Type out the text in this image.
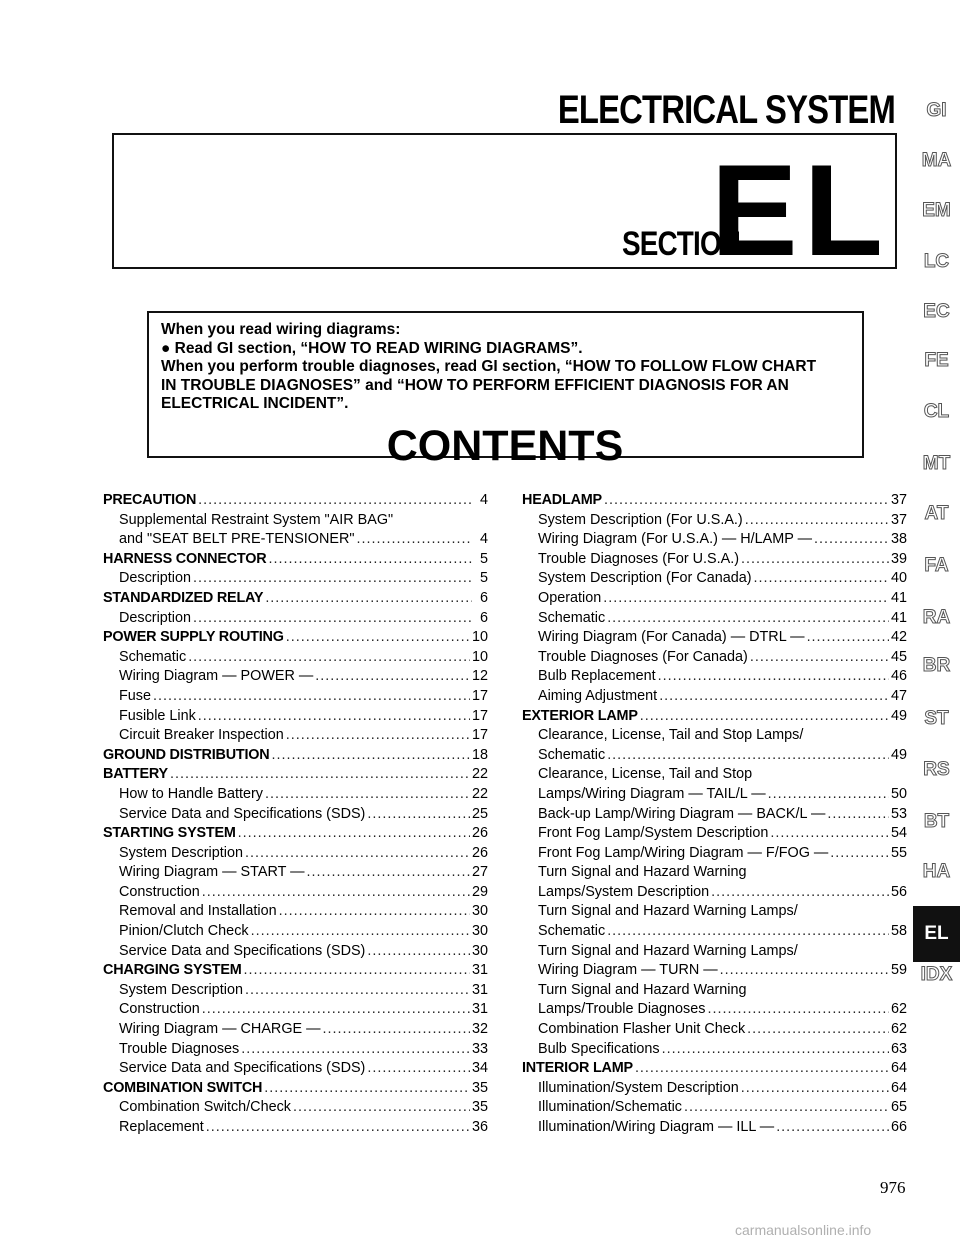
ELECTRICAL SYSTEM
SECTION
EL
When you read wiring diagrams:
● Read GI section, “HOW TO READ WIRING DIAGRAMS”.
When you perform trouble diagnoses, read GI section, “HOW TO FOLLOW FLOW CHART
IN TROUBLE DIAGNOSES” and “HOW TO PERFORM EFFICIENT DIAGNOSIS FOR AN
ELECTRICAL INCIDENT”.
CONTENTS
PRECAUTION .....	4
Supplemental Restraint System "AIR BAG"
and "SEAT BELT PRE-TENSIONER" .....	4
HARNESS CONNECTOR .....	5
Description .....	5
STANDARDIZED RELAY .....	6
Description .....	6
POWER SUPPLY ROUTING .....	10
Schematic .....	10
Wiring Diagram — POWER — .....	12
Fuse .....	17
Fusible Link .....	17
Circuit Breaker Inspection .....	17
GROUND DISTRIBUTION .....	18
BATTERY .....	22
How to Handle Battery .....	22
Service Data and Specifications (SDS) .....	25
STARTING SYSTEM .....	26
System Description .....	26
Wiring Diagram — START — .....	27
Construction .....	29
Removal and Installation .....	30
Pinion/Clutch Check .....	30
Service Data and Specifications (SDS) .....	30
CHARGING SYSTEM .....	31
System Description .....	31
Construction .....	31
Wiring Diagram — CHARGE — .....	32
Trouble Diagnoses .....	33
Service Data and Specifications (SDS) .....	34
COMBINATION SWITCH .....	35
Combination Switch/Check .....	35
Replacement .....	36
HEADLAMP .....	37
System Description (For U.S.A.) .....	37
Wiring Diagram (For U.S.A.) — H/LAMP — .....	38
Trouble Diagnoses (For U.S.A.) .....	39
System Description (For Canada) .....	40
Operation .....	41
Schematic .....	41
Wiring Diagram (For Canada) — DTRL — .....	42
Trouble Diagnoses (For Canada) .....	45
Bulb Replacement .....	46
Aiming Adjustment .....	47
EXTERIOR LAMP .....	49
Clearance, License, Tail and Stop Lamps/
Schematic .....	49
Clearance, License, Tail and Stop
Lamps/Wiring Diagram — TAIL/L — .....	50
Back-up Lamp/Wiring Diagram — BACK/L — .....	53
Front Fog Lamp/System Description .....	54
Front Fog Lamp/Wiring Diagram — F/FOG — .....	55
Turn Signal and Hazard Warning
Lamps/System Description .....	56
Turn Signal and Hazard Warning Lamps/
Schematic .....	58
Turn Signal and Hazard Warning Lamps/
Wiring Diagram — TURN — .....	59
Turn Signal and Hazard Warning
Lamps/Trouble Diagnoses .....	62
Combination Flasher Unit Check .....	62
Bulb Specifications .....	63
INTERIOR LAMP .....	64
Illumination/System Description .....	64
Illumination/Schematic .....	65
Illumination/Wiring Diagram — ILL — .....	66
GI
MA
EM
LC
EC
FE
CL
MT
AT
FA
RA
BR
ST
RS
BT
HA
EL
IDX
976
carmanualsonline.info
